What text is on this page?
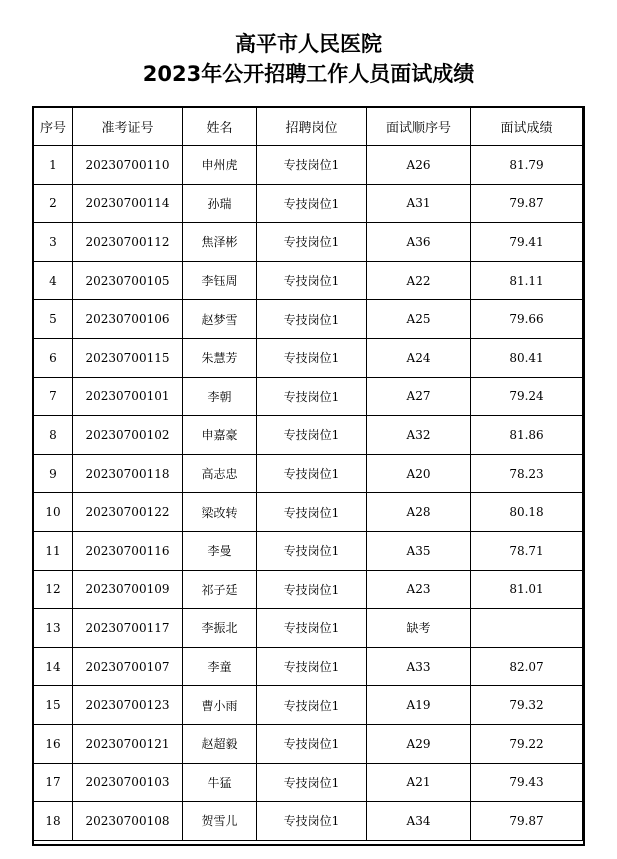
高平市人民医院
2023年公开招聘工作人员面试成绩
序号	准考证号	姓名	招聘岗位	面试顺序号	面试成绩
1	20230700110	申州虎	专技岗位1	A26	81.79
2	20230700114	孙瑞	专技岗位1	A31	79.87
3	20230700112	焦泽彬	专技岗位1	A36	79.41
4	20230700105	李钰周	专技岗位1	A22	81.11
5	20230700106	赵梦雪	专技岗位1	A25	79.66
6	20230700115	朱慧芳	专技岗位1	A24	80.41
7	20230700101	李朝	专技岗位1	A27	79.24
8	20230700102	申嘉豪	专技岗位1	A32	81.86
9	20230700118	高志忠	专技岗位1	A20	78.23
10	20230700122	梁改转	专技岗位1	A28	80.18
11	20230700116	李曼	专技岗位1	A35	78.71
12	20230700109	祁子廷	专技岗位1	A23	81.01
13	20230700117	李振北	专技岗位1	缺考	
14	20230700107	李童	专技岗位1	A33	82.07
15	20230700123	曹小雨	专技岗位1	A19	79.32
16	20230700121	赵超毅	专技岗位1	A29	79.22
17	20230700103	牛猛	专技岗位1	A21	79.43
18	20230700108	贺雪儿	专技岗位1	A34	79.87
